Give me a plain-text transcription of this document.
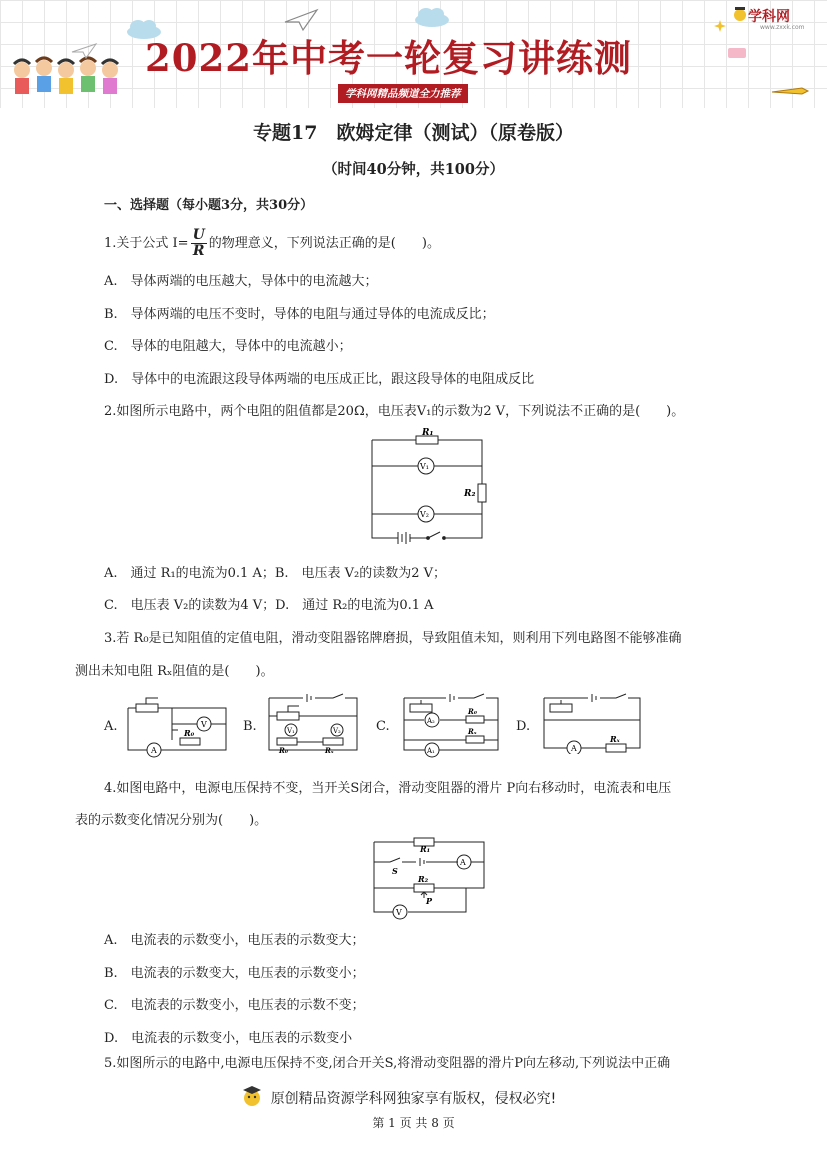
2022年中考一轮复习讲练测
学科网精品频道全力推荐
学科网
www.zxxk.com
专题17　欧姆定律（测试）（原卷版）
（时间40分钟，共100分）
一、选择题（每小题3分，共30分）
1.关于公式 $I= \frac{U}{R}$ 的物理意义，下列说法正确的是(　　)。
A.　导体两端的电压越大，导体中的电流越大；
B.　导体两端的电压不变时，导体的电阻与通过导体的电流成反比；
C.　导体的电阻越大，导体中的电流越小；
D.　导体中的电流跟这段导体两端的电压成正比，跟这段导体的电阻成反比
2.如图所示电路中，两个电阻的阻值都是20Ω，电压表V₁的示数为2 V，下列说法不正确的是(　　)。
R₁
R₂
V₁
V₂
A.　通过 R₁的电流为0.1 A；B.　电压表 V₂的读数为2 V；
C.　电压表 V₂的读数为4 V；D.　通过 R₂的电流为0.1 A
3.若 R₀是已知阻值的定值电阻，滑动变阻器铭牌磨损，导致阻值未知，则利用下列电路图不能够准确
测出未知电阻 Rₓ阻值的是(　　)。
A.	V
R₀
A
B.	V₁	V₂
R₀	Rₓ
C.	A₂
R₀
Rₓ
A₁
D.
A
Rₓ
4.如图电路中，电源电压保持不变，当开关S闭合，滑动变阻器的滑片 P向右移动时，电流表和电压
表的示数变化情况分别为(　　)。
R₁
S
A
R₂
P
V
A.　电流表的示数变小，电压表的示数变大；
B.　电流表的示数变大，电压表的示数变小；
C.　电流表的示数变小，电压表的示数不变；
D.　电流表的示数变小，电压表的示数变小
5.如图所示的电路中,电源电压保持不变,闭合开关S,将滑动变阻器的滑片P向左移动,下列说法中正确
原创精品资源学科网独家享有版权，侵权必究!
第 1 页 共 8 页
